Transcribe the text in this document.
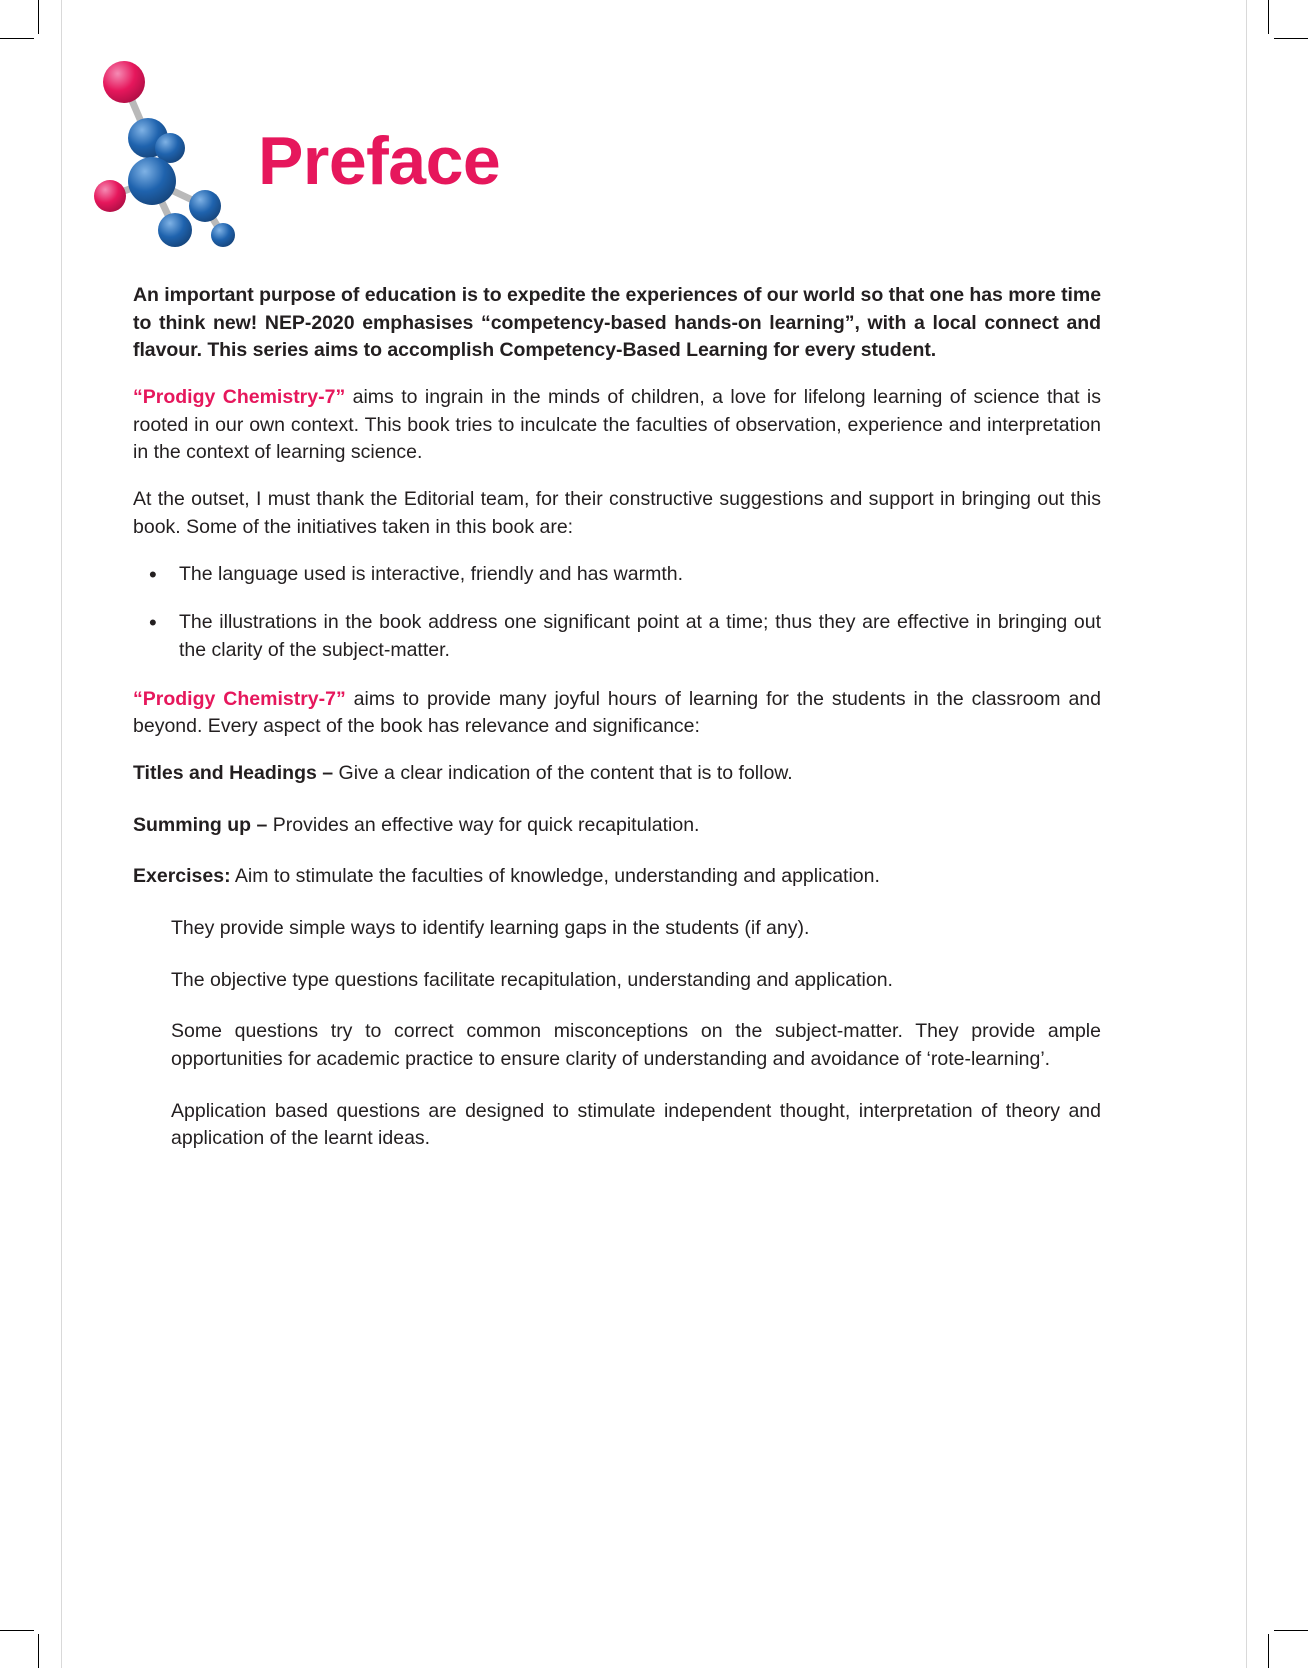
Preface

An important purpose of education is to expedite the experiences of our world so that one has more time to think new! NEP-2020 emphasises “competency-based hands-on learning”, with a local connect and flavour. This series aims to accomplish Competency-Based Learning for every student.

“Prodigy Chemistry-7” aims to ingrain in the minds of children, a love for lifelong learning of science that is rooted in our own context. This book tries to inculcate the faculties of observation, experience and interpretation in the context of learning science.

At the outset, I must thank the Editorial team, for their constructive suggestions and support in bringing out this book. Some of the initiatives taken in this book are:

• The language used is interactive, friendly and has warmth.
• The illustrations in the book address one significant point at a time; thus they are effective in bringing out the clarity of the subject-matter.

“Prodigy Chemistry-7” aims to provide many joyful hours of learning for the students in the classroom and beyond. Every aspect of the book has relevance and significance:

Titles and Headings – Give a clear indication of the content that is to follow.

Summing up – Provides an effective way for quick recapitulation.

Exercises: Aim to stimulate the faculties of knowledge, understanding and application.

They provide simple ways to identify learning gaps in the students (if any).

The objective type questions facilitate recapitulation, understanding and application.

Some questions try to correct common misconceptions on the subject-matter. They provide ample opportunities for academic practice to ensure clarity of understanding and avoidance of ‘rote-learning’.

Application based questions are designed to stimulate independent thought, interpretation of theory and application of the learnt ideas.
